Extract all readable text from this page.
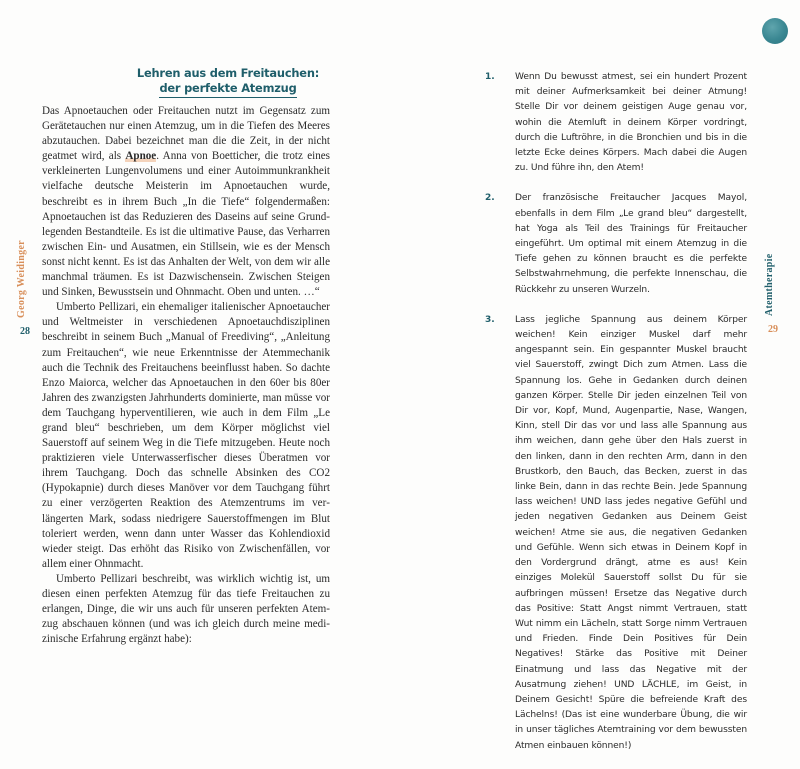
Georg Weidinger
28
Lehren aus dem Freitauchen:
der perfekte Atemzug

Das Apnoetauchen oder Freitauchen nutzt im Gegensatz zum Gerätetauchen nur einen Atemzug, um in die Tiefen des Meeres abzutauchen. Dabei bezeichnet man die die Zeit, in der nicht geatmet wird, als Apnoe. Anna von Boetticher, die trotz eines verkleinerten Lungenvolumens und einer Autoimmunkrankheit vielfache deutsche Meisterin im Apnoetauchen wurde, beschreibt es in ihrem Buch „In die Tiefe“ folgendermaßen: Apnoetauchen ist das Reduzieren des Daseins auf seine Grundlegenden Bestandteile. Es ist die ultimative Pause, das Verharren zwischen Ein- und Ausatmen, ein Stillsein, wie es der Mensch sonst nicht kennt. Es ist das Anhalten der Welt, von dem wir alle manchmal träumen. Es ist Dazwischensein. Zwischen Steigen und Sinken, Bewusstsein und Ohnmacht. Oben und unten. …“

Umberto Pellizari, ein ehemaliger italienischer Apnoetaucher und Weltmeister in verschiedenen Apnoetauchdisziplinen beschreibt in seinem Buch „Manual of Freediving“, „Anleitung zum Freitauchen“, wie neue Erkenntnisse der Atemmechanik auch die Technik des Freitauchens beeinflusst haben. So dachte Enzo Maiorca, welcher das Apnoetauchen in den 60er bis 80er Jahren des zwanzigsten Jahrhunderts dominierte, man müsse vor dem Tauchgang hyperventilieren, wie auch in dem Film „Le grand bleu“ beschrieben, um dem Körper möglichst viel Sauerstoff auf seinem Weg in die Tiefe mitzugeben. Heute noch praktizieren viele Unterwasserfischer dieses Überatmen vor ihrem Tauchgang. Doch das schnelle Absinken des CO2 (Hypokapnie) durch dieses Manöver vor dem Tauchgang führt zu einer verzögerten Reaktion des Atemzentrums im verlängerten Mark, sodass niedrigere Sauerstoffmengen im Blut toleriert werden, wenn dann unter Wasser das Kohlendioxid wieder steigt. Das erhöht das Risiko von Zwischenfällen, vor allem einer Ohnmacht.

Umberto Pellizari beschreibt, was wirklich wichtig ist, um diesen einen perfekten Atemzug für das tiefe Freitauchen zu erlangen, Dinge, die wir uns auch für unseren perfekten Atemzug abschauen können (und was ich gleich durch meine medizinische Erfahrung ergänzt habe):

1. Wenn Du bewusst atmest, sei ein hundert Prozent mit deiner Aufmerksamkeit bei deiner Atmung! Stelle Dir vor deinem geistigen Auge genau vor, wohin die Atemluft in deinem Körper vordringt, durch die Luftröhre, in die Bronchien und bis in die letzte Ecke deines Körpers. Mach dabei die Augen zu. Und führe ihn, den Atem!
2. Der französische Freitaucher Jacques Mayol, ebenfalls in dem Film „Le grand bleu“ dargestellt, hat Yoga als Teil des Trainings für Freitaucher eingeführt. Um optimal mit einem Atemzug in die Tiefe gehen zu können braucht es die perfekte Selbstwahrnehmung, die perfekte Innenschau, die Rückkehr zu unseren Wurzeln.
3. Lass jegliche Spannung aus deinem Körper weichen! Kein einziger Muskel darf mehr angespannt sein. Ein gespannter Muskel braucht viel Sauerstoff, zwingt Dich zum Atmen. Lass die Spannung los. Gehe in Gedanken durch deinen ganzen Körper. Stelle Dir jeden einzelnen Teil von Dir vor, Kopf, Mund, Augenpartie, Nase, Wangen, Kinn, stell Dir das vor und lass alle Spannung aus ihm weichen, dann gehe über den Hals zuerst in den linken, dann in den rechten Arm, dann in den Brustkorb, den Bauch, das Becken, zuerst in das linke Bein, dann in das rechte Bein. Jede Spannung lass weichen! UND lass jedes negative Gefühl und jeden negativen Gedanken aus Deinem Geist weichen! Atme sie aus, die negativen Gedanken und Gefühle. Wenn sich etwas in Deinem Kopf in den Vordergrund drängt, atme es aus! Kein einziges Molekül Sauerstoff sollst Du für sie aufbringen müssen! Ersetze das Negative durch das Positive: Statt Angst nimmt Vertrauen, statt Wut nimm ein Lächeln, statt Sorge nimm Vertrauen und Frieden. Finde Dein Positives für Dein Negatives! Stärke das Positive mit Deiner Einatmung und lass das Negative mit der Ausatmung ziehen! UND LÄCHLE, im Geist, in Deinem Gesicht! Spüre die befreiende Kraft des Lächelns! (Das ist eine wunderbare Übung, die wir in unser tägliches Atemtraining vor dem bewussten Atmen einbauen können!)
Atemtherapie
29
